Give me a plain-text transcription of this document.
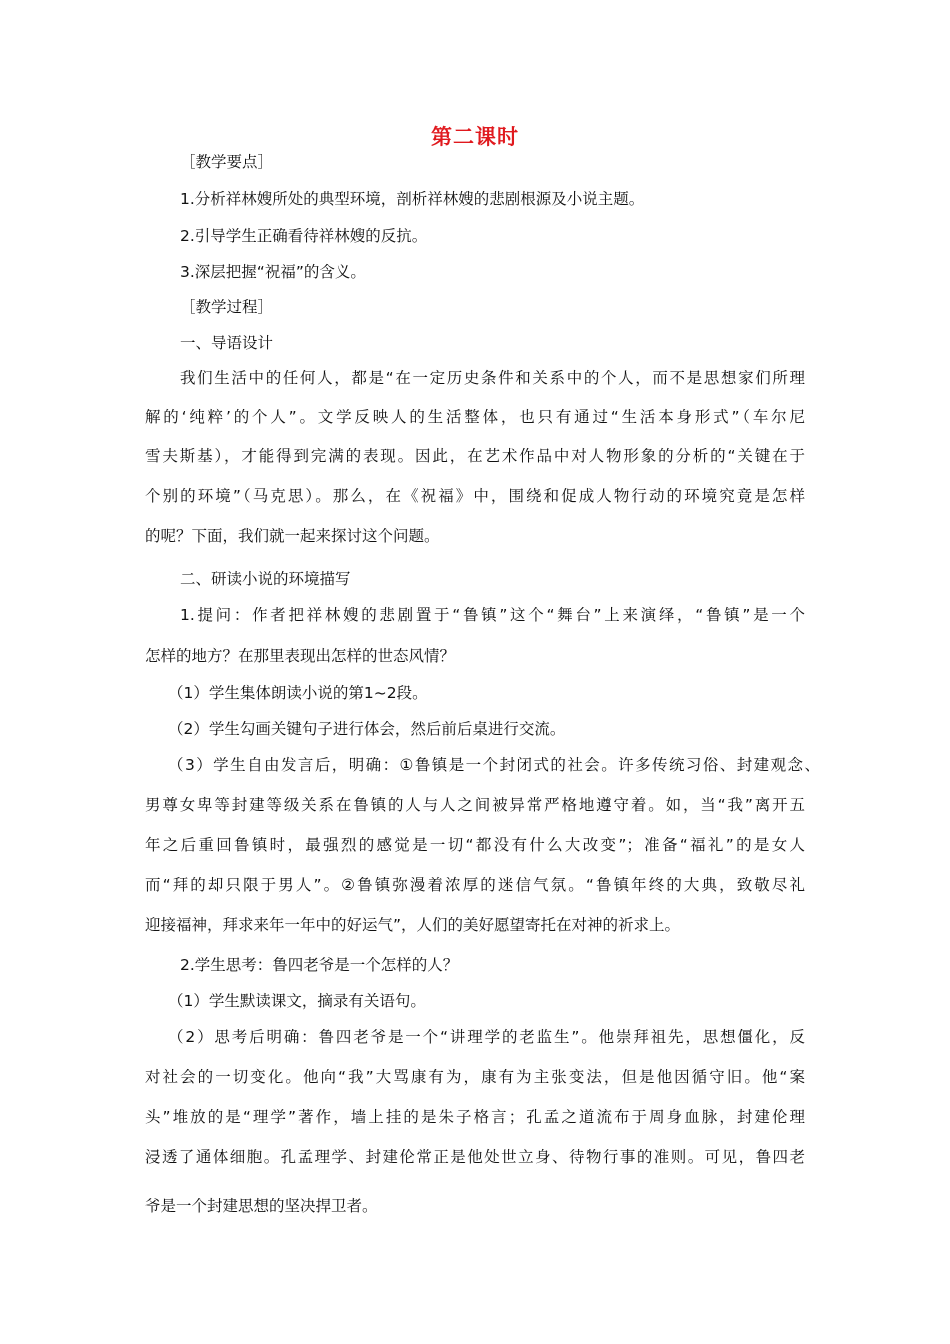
第二课时
［教学要点］
1.分析祥林嫂所处的典型环境，剖析祥林嫂的悲剧根源及小说主题。
2.引导学生正确看待祥林嫂的反抗。
3.深层把握“祝福”的含义。
［教学过程］
一、导语设计
我们生活中的任何人，都是“在一定历史条件和关系中的个人，而不是思想家们所理
解的‘纯粹’的个人”。文学反映人的生活整体，也只有通过“生活本身形式”（车尔尼
雪夫斯基），才能得到完满的表现。因此，在艺术作品中对人物形象的分析的“关键在于
个别的环境”（马克思）。那么，在《祝福》中，围绕和促成人物行动的环境究竟是怎样
的呢？下面，我们就一起来探讨这个问题。
二、研读小说的环境描写
1.提问：作者把祥林嫂的悲剧置于“鲁镇”这个“舞台”上来演绎，“鲁镇”是一个
怎样的地方？在那里表现出怎样的世态风情？
（1）学生集体朗读小说的第1~2段。
（2）学生勾画关键句子进行体会，然后前后桌进行交流。
（3）学生自由发言后，明确：①鲁镇是一个封闭式的社会。许多传统习俗、封建观念、
男尊女卑等封建等级关系在鲁镇的人与人之间被异常严格地遵守着。如，当“我”离开五
年之后重回鲁镇时，最强烈的感觉是一切“都没有什么大改变”；准备“福礼”的是女人
而“拜的却只限于男人”。②鲁镇弥漫着浓厚的迷信气氛。“鲁镇年终的大典，致敬尽礼
迎接福神，拜求来年一年中的好运气”，人们的美好愿望寄托在对神的祈求上。
2.学生思考：鲁四老爷是一个怎样的人？
（1）学生默读课文，摘录有关语句。
（2）思考后明确：鲁四老爷是一个“讲理学的老监生”。他崇拜祖先，思想僵化，反
对社会的一切变化。他向“我”大骂康有为，康有为主张变法，但是他因循守旧。他“案
头”堆放的是“理学”著作，墙上挂的是朱子格言；孔孟之道流布于周身血脉，封建伦理
浸透了通体细胞。孔孟理学、封建伦常正是他处世立身、待物行事的准则。可见，鲁四老
爷是一个封建思想的坚决捍卫者。
